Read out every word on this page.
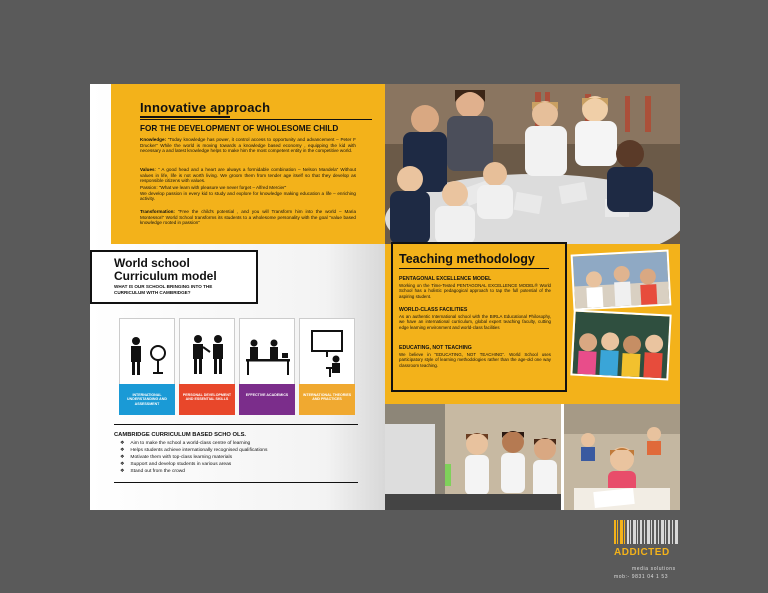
Innovative approach
FOR THE DEVELOPMENT OF WHOLESOME CHILD
Knowledge: "Today knowledge has power, it control access to opportunity and advancement – Peter F Drucker" While the world is moving towards a knowledge based economy , equipping the kid with necessary a and latest knowledge helps to make him the most competent entity in the competitive world.
Values: " A good head and a heart are always a formidable combination – Nelson Mandela" Without values in life, life is not worth living. We groom them from tender age itself so that they develop as responsible citizens with values.
Passion: "What we learn with pleasure we never forget – Alfred Mercier"
We develop passion in every kid to study and explore for knowledge making education a life – enriching activity.
Transformation: "Free the child's potential , and you will Transform him into the world – Maria Montessori" World School transforms its students to a wholesome personality with the goal "value based knowledge rooted in passion"
World school
Curriculum model
WHAT IS OUR SCHOOL BRINGING INTO THE CURRICULUM WITH CAMBRIDGE?
INTERNATIONAL UNDERSTANDING AND ASSESSMENT
PERSONAL DEVELOPMENT AND ESSENTIAL SKILLS
EFFECTIVE ACADEMICS	INTERNATIONAL THEORIES AND PRACTICES
CAMBRIDGE CURRICULUM BASED SCHO OLS.
❖ Aim to make the school a world-class centre of learning
❖ Helps students achieve internationally recognised qualifications
❖ Motivate them with top-class learning materials
❖ Support and develop students in various areas
❖ Stand out from the crowd
Teaching methodology
PENTAGONAL EXCELLENCE MODEL
Working on the Time-Tested PENTAGONAL EXCELLENCE MODEL® World School has a holistic pedagogical approach to tap the full potential of the aspiring student.
WORLD-CLASS FACILITIES
As an authentic International school with the BIRLA Educational Philosophy, we have an international curriculum, global expert teaching faculty, cutting edge learning environment and world-class facilities
EDUCATING, NOT TEACHING
We believe in "EDUCATING, NOT TEACHING". World School uses participatory style of learning methodologies rather than the age-old one way classroom teaching.
ADDICTED
media solutions
mob:- 9831 04 1 53
